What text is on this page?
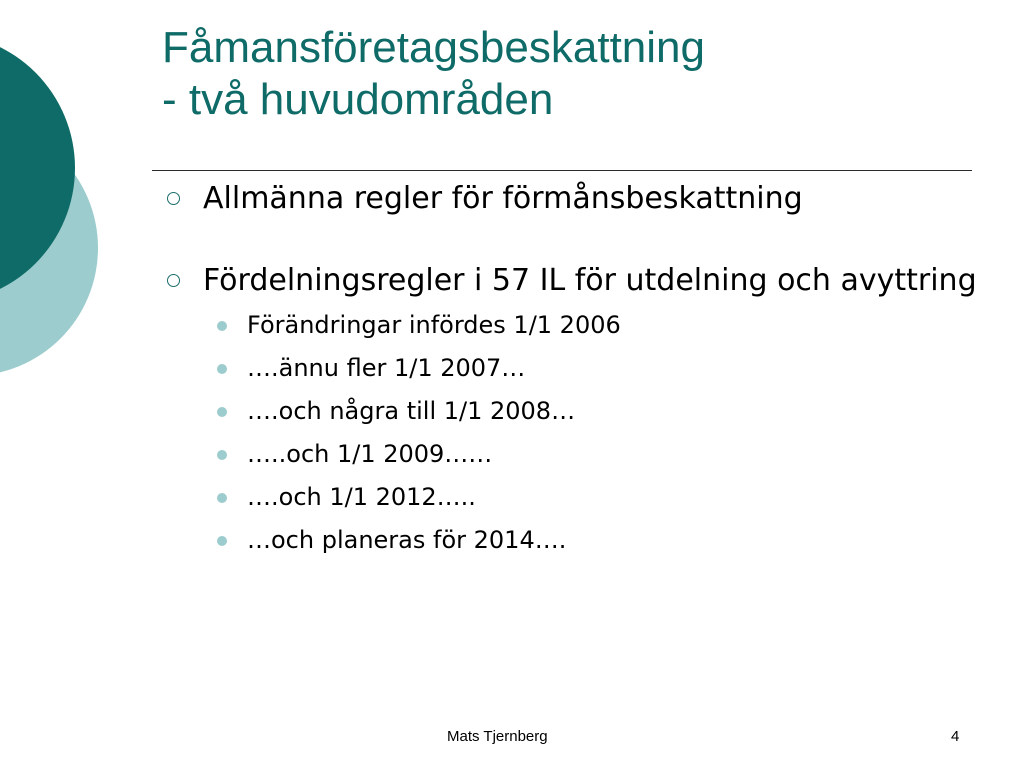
Fåmansföretagsbeskattning
- två huvudområden
Allmänna regler för förmånsbeskattning
Fördelningsregler i 57 IL för utdelning och avyttring
Förändringar infördes 1/1 2006
….ännu fler 1/1 2007…
….och några till 1/1 2008…
…..och 1/1 2009……
….och 1/1 2012…..
…och planeras för 2014….
Mats Tjernberg	4
